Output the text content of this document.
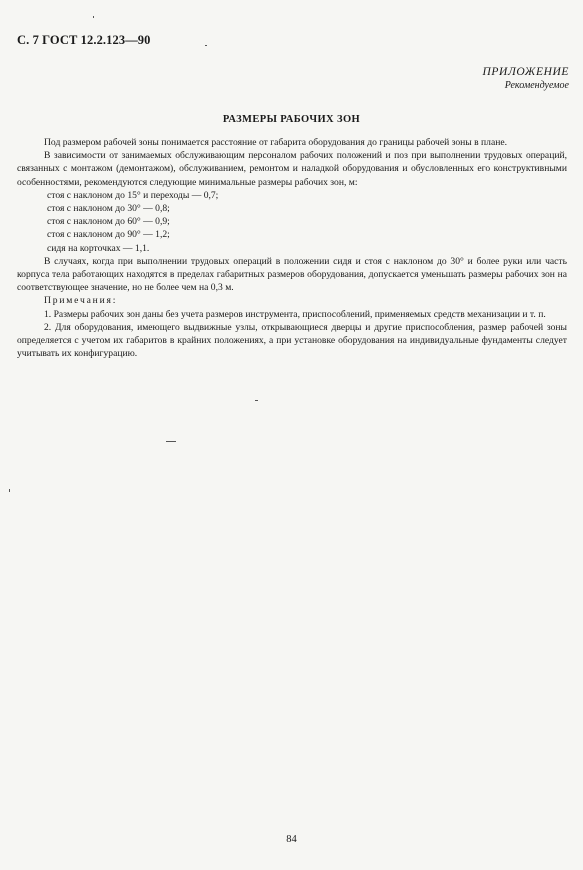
С. 7 ГОСТ 12.2.123—90
ПРИЛОЖЕНИЕ
Рекомендуемое
РАЗМЕРЫ РАБОЧИХ ЗОН

Под размером рабочей зоны понимается расстояние от габарита оборудования до границы рабочей зоны в плане.

В зависимости от занимаемых обслуживающим персоналом рабочих положений и поз при выполнении трудовых операций, связанных с монтажом (демонтажом), обслуживанием, ремонтом и наладкой оборудования и обусловленных его конструктивными особенностями, рекомендуются следующие минимальные размеры рабочих зон, м:

стоя с наклоном до 15° и переходы — 0,7;

стоя с наклоном до 30° — 0,8;

стоя с наклоном до 60° — 0,9;

стоя с наклоном до 90° — 1,2;

сидя на корточках — 1,1.

В случаях, когда при выполнении трудовых операций в положении сидя и стоя с наклоном до 30° и более руки или часть корпуса тела работающих находятся в пределах габаритных размеров оборудования, допускается уменьшать размеры рабочих зон на соответствующее значение, но не более чем на 0,3 м.

Примечания:

1. Размеры рабочих зон даны без учета размеров инструмента, приспособлений, применяемых средств механизации и т. п.

2. Для оборудования, имеющего выдвижные узлы, открывающиеся дверцы и другие приспособления, размер рабочей зоны определяется с учетом их габаритов в крайних положениях, а при установке оборудования на индивидуальные фундаменты следует учитывать их конфигурацию.

84
